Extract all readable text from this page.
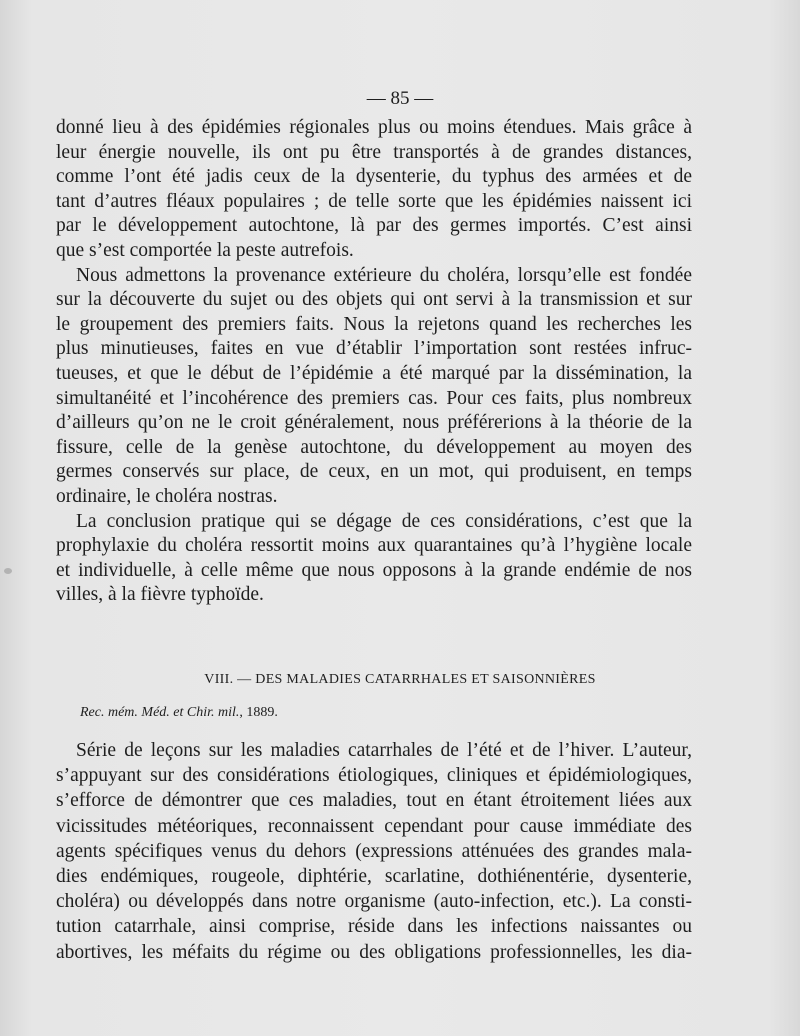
— 85 —
donné lieu à des épidémies régionales plus ou moins étendues. Mais grâce à
leur énergie nouvelle, ils ont pu être transportés à de grandes distances,
comme l’ont été jadis ceux de la dysenterie, du typhus des armées et de
tant d’autres fléaux populaires ; de telle sorte que les épidémies naissent ici
par le développement autochtone, là par des germes importés. C’est ainsi
que s’est comportée la peste autrefois.
Nous admettons la provenance extérieure du choléra, lorsqu’elle est fondée
sur la découverte du sujet ou des objets qui ont servi à la transmission et sur
le groupement des premiers faits. Nous la rejetons quand les recherches les
plus minutieuses, faites en vue d’établir l’importation sont restées infruc-
tueuses, et que le début de l’épidémie a été marqué par la dissémination, la
simultanéité et l’incohérence des premiers cas. Pour ces faits, plus nombreux
d’ailleurs qu’on ne le croit généralement, nous préférerions à la théorie de la
fissure, celle de la genèse autochtone, du développement au moyen des
germes conservés sur place, de ceux, en un mot, qui produisent, en temps
ordinaire, le choléra nostras.
La conclusion pratique qui se dégage de ces considérations, c’est que la
prophylaxie du choléra ressortit moins aux quarantaines qu’à l’hygiène locale
et individuelle, à celle même que nous opposons à la grande endémie de nos
villes, à la fièvre typhoïde.
VIII. — DES MALADIES CATARRHALES ET SAISONNIÈRES
Rec. mém. Méd. et Chir. mil., 1889.
Série de leçons sur les maladies catarrhales de l’été et de l’hiver. L’auteur,
s’appuyant sur des considérations étiologiques, cliniques et épidémiologiques,
s’efforce de démontrer que ces maladies, tout en étant étroitement liées aux
vicissitudes météoriques, reconnaissent cependant pour cause immédiate des
agents spécifiques venus du dehors (expressions atténuées des grandes mala-
dies endémiques, rougeole, diphtérie, scarlatine, dothiénentérie, dysenterie,
choléra) ou développés dans notre organisme (auto-infection, etc.). La consti-
tution catarrhale, ainsi comprise, réside dans les infections naissantes ou
abortives, les méfaits du régime ou des obligations professionnelles, les dia-
